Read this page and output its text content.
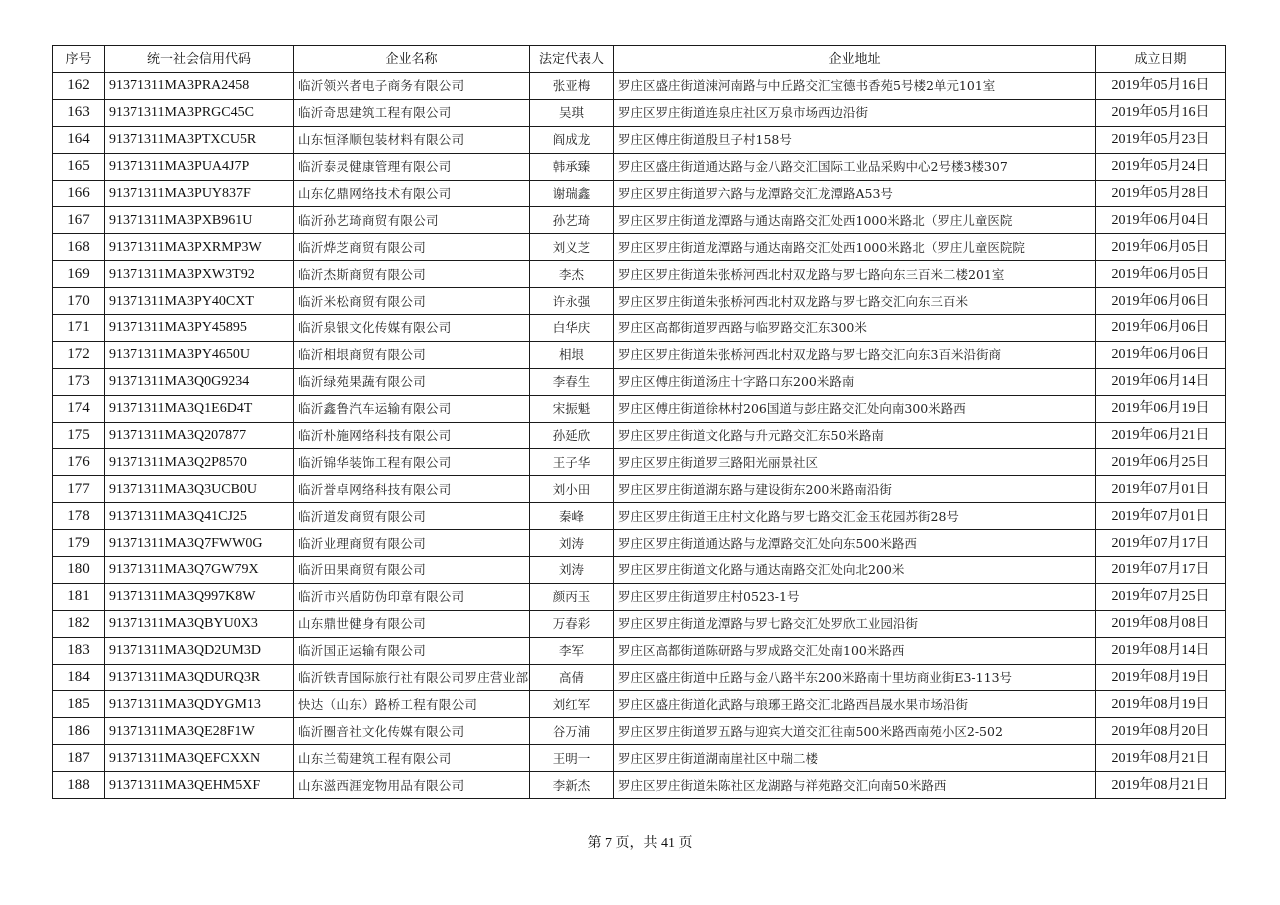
序号	统一社会信用代码	企业名称	法定代表人	企业地址	成立日期
162	91371311MA3PRA2458	临沂领兴者电子商务有限公司	张亚梅	罗庄区盛庄街道涑河南路与中丘路交汇宝德书香苑5号楼2单元101室	2019年05月16日
163	91371311MA3PRGC45C	临沂奇思建筑工程有限公司	吴琪	罗庄区罗庄街道连泉庄社区万泉市场西边沿街	2019年05月16日
164	91371311MA3PTXCU5R	山东恒泽顺包装材料有限公司	阎成龙	罗庄区傅庄街道殷旦子村158号	2019年05月23日
165	91371311MA3PUA4J7P	临沂泰灵健康管理有限公司	韩承臻	罗庄区盛庄街道通达路与金八路交汇国际工业品采购中心2号楼3楼307	2019年05月24日
166	91371311MA3PUY837F	山东亿鼎网络技术有限公司	谢瑞鑫	罗庄区罗庄街道罗六路与龙潭路交汇龙潭路A53号	2019年05月28日
167	91371311MA3PXB961U	临沂孙艺琦商贸有限公司	孙艺琦	罗庄区罗庄街道龙潭路与通达南路交汇处西1000米路北（罗庄儿童医院	2019年06月04日
168	91371311MA3PXRMP3W	临沂烨芝商贸有限公司	刘义芝	罗庄区罗庄街道龙潭路与通达南路交汇处西1000米路北（罗庄儿童医院院	2019年06月05日
169	91371311MA3PXW3T92	临沂杰斯商贸有限公司	李杰	罗庄区罗庄街道朱张桥河西北村双龙路与罗七路向东三百米二楼201室	2019年06月05日
170	91371311MA3PY40CXT	临沂米松商贸有限公司	许永强	罗庄区罗庄街道朱张桥河西北村双龙路与罗七路交汇向东三百米	2019年06月06日
171	91371311MA3PY45895	临沂泉银文化传媒有限公司	白华庆	罗庄区高都街道罗西路与临罗路交汇东300米	2019年06月06日
172	91371311MA3PY4650U	临沂相垠商贸有限公司	相垠	罗庄区罗庄街道朱张桥河西北村双龙路与罗七路交汇向东3百米沿街商	2019年06月06日
173	91371311MA3Q0G9234	临沂绿苑果蔬有限公司	李春生	罗庄区傅庄街道汤庄十字路口东200米路南	2019年06月14日
174	91371311MA3Q1E6D4T	临沂鑫鲁汽车运输有限公司	宋振魁	罗庄区傅庄街道徐林村206国道与彭庄路交汇处向南300米路西	2019年06月19日
175	91371311MA3Q207877	临沂朴施网络科技有限公司	孙延欣	罗庄区罗庄街道文化路与升元路交汇东50米路南	2019年06月21日
176	91371311MA3Q2P8570	临沂锦华装饰工程有限公司	王子华	罗庄区罗庄街道罗三路阳光丽景社区	2019年06月25日
177	91371311MA3Q3UCB0U	临沂誉卓网络科技有限公司	刘小田	罗庄区罗庄街道湖东路与建设街东200米路南沿街	2019年07月01日
178	91371311MA3Q41CJ25	临沂道发商贸有限公司	秦峰	罗庄区罗庄街道王庄村文化路与罗七路交汇金玉花园苏街28号	2019年07月01日
179	91371311MA3Q7FWW0G	临沂业理商贸有限公司	刘涛	罗庄区罗庄街道通达路与龙潭路交汇处向东500米路西	2019年07月17日
180	91371311MA3Q7GW79X	临沂田果商贸有限公司	刘涛	罗庄区罗庄街道文化路与通达南路交汇处向北200米	2019年07月17日
181	91371311MA3Q997K8W	临沂市兴盾防伪印章有限公司	颜丙玉	罗庄区罗庄街道罗庄村0523-1号	2019年07月25日
182	91371311MA3QBYU0X3	山东鼎世健身有限公司	万春彩	罗庄区罗庄街道龙潭路与罗七路交汇处罗欣工业园沿街	2019年08月08日
183	91371311MA3QD2UM3D	临沂国正运输有限公司	李军	罗庄区高都街道陈研路与罗成路交汇处南100米路西	2019年08月14日
184	91371311MA3QDURQ3R	临沂铁青国际旅行社有限公司罗庄营业部	高倩	罗庄区盛庄街道中丘路与金八路半东200米路南十里坊商业街E3-113号	2019年08月19日
185	91371311MA3QDYGM13	快达（山东）路桥工程有限公司	刘红军	罗庄区盛庄街道化武路与琅琊王路交汇北路西昌晟水果市场沿街	2019年08月19日
186	91371311MA3QE28F1W	临沂圈音社文化传媒有限公司	谷万浦	罗庄区罗庄街道罗五路与迎宾大道交汇往南500米路西南苑小区2-502	2019年08月20日
187	91371311MA3QEFCXXN	山东兰萄建筑工程有限公司	王明一	罗庄区罗庄街道湖南崖社区中瑞二楼	2019年08月21日
188	91371311MA3QEHM5XF	山东滋西涯宠物用品有限公司	李新杰	罗庄区罗庄街道朱陈社区龙湖路与祥苑路交汇向南50米路西	2019年08月21日
第 7 页，共 41 页
